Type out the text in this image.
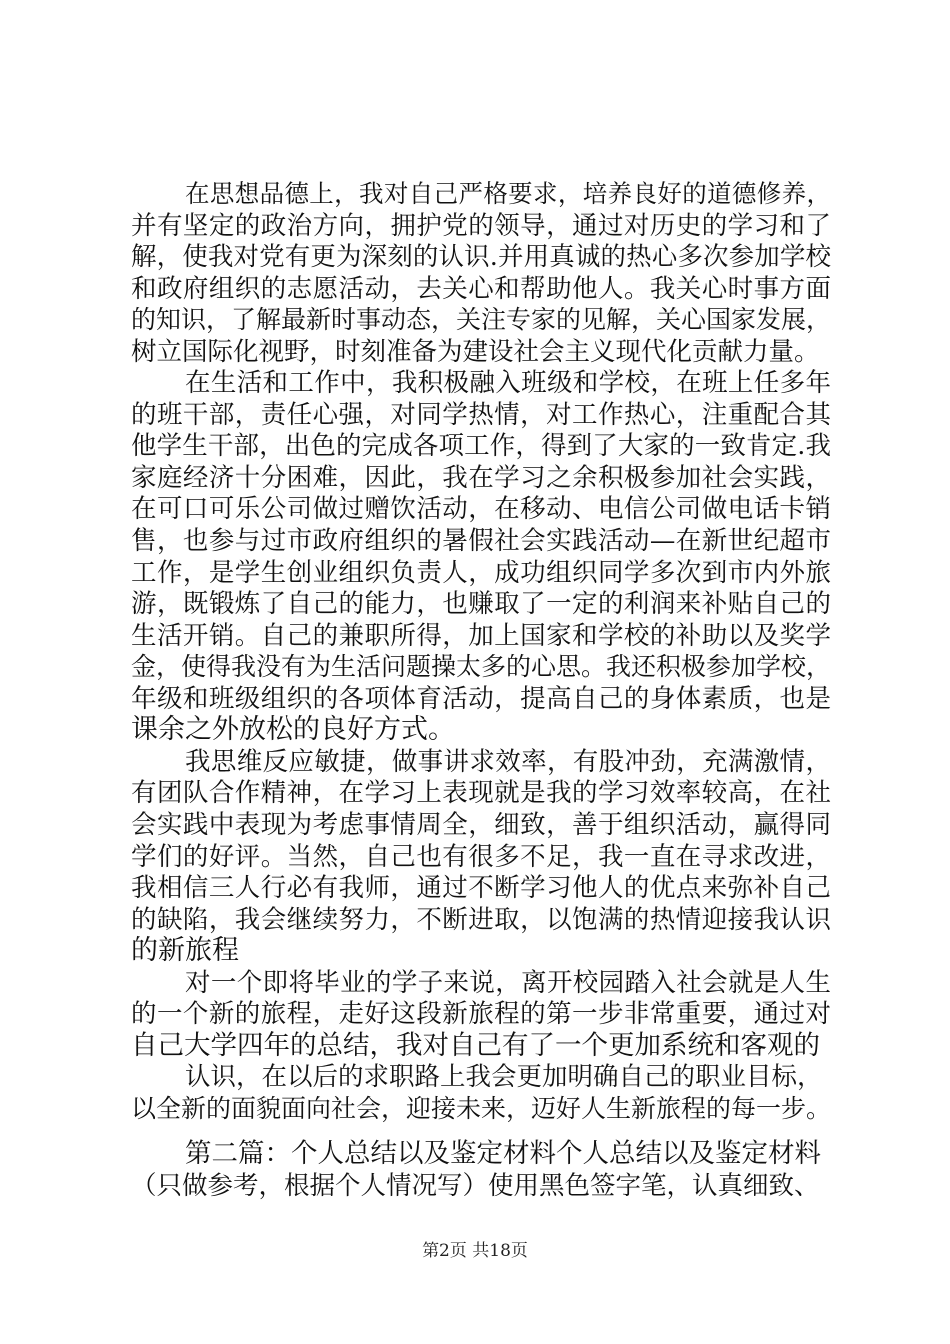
在思想品德上，我对自己严格要求，培养良好的道德修养，
并有坚定的政治方向，拥护党的领导，通过对历史的学习和了
解，使我对党有更为深刻的认识.并用真诚的热心多次参加学校
和政府组织的志愿活动，去关心和帮助他人。我关心时事方面
的知识，了解最新时事动态，关注专家的见解，关心国家发展，
树立国际化视野，时刻准备为建设社会主义现代化贡献力量。
在生活和工作中，我积极融入班级和学校，在班上任多年
的班干部，责任心强，对同学热情，对工作热心，注重配合其
他学生干部，出色的完成各项工作，得到了大家的一致肯定.我
家庭经济十分困难，因此，我在学习之余积极参加社会实践，
在可口可乐公司做过赠饮活动，在移动、电信公司做电话卡销
售，也参与过市政府组织的暑假社会实践活动—在新世纪超市
工作，是学生创业组织负责人，成功组织同学多次到市内外旅
游，既锻炼了自己的能力，也赚取了一定的利润来补贴自己的
生活开销。自己的兼职所得，加上国家和学校的补助以及奖学
金，使得我没有为生活问题操太多的心思。我还积极参加学校，
年级和班级组织的各项体育活动，提高自己的身体素质，也是
课余之外放松的良好方式。
我思维反应敏捷，做事讲求效率，有股冲劲，充满激情，
有团队合作精神，在学习上表现就是我的学习效率较高，在社
会实践中表现为考虑事情周全，细致，善于组织活动，赢得同
学们的好评。当然，自己也有很多不足，我一直在寻求改进，
我相信三人行必有我师，通过不断学习他人的优点来弥补自己
的缺陷，我会继续努力，不断进取，以饱满的热情迎接我认识
的新旅程
对一个即将毕业的学子来说，离开校园踏入社会就是人生
的一个新的旅程，走好这段新旅程的第一步非常重要，通过对
自己大学四年的总结，我对自己有了一个更加系统和客观的
认识，在以后的求职路上我会更加明确自己的职业目标，
以全新的面貌面向社会，迎接未来，迈好人生新旅程的每一步。
第二篇：个人总结以及鉴定材料个人总结以及鉴定材料
（只做参考，根据个人情况写）使用黑色签字笔，认真细致、
第2页 共18页
